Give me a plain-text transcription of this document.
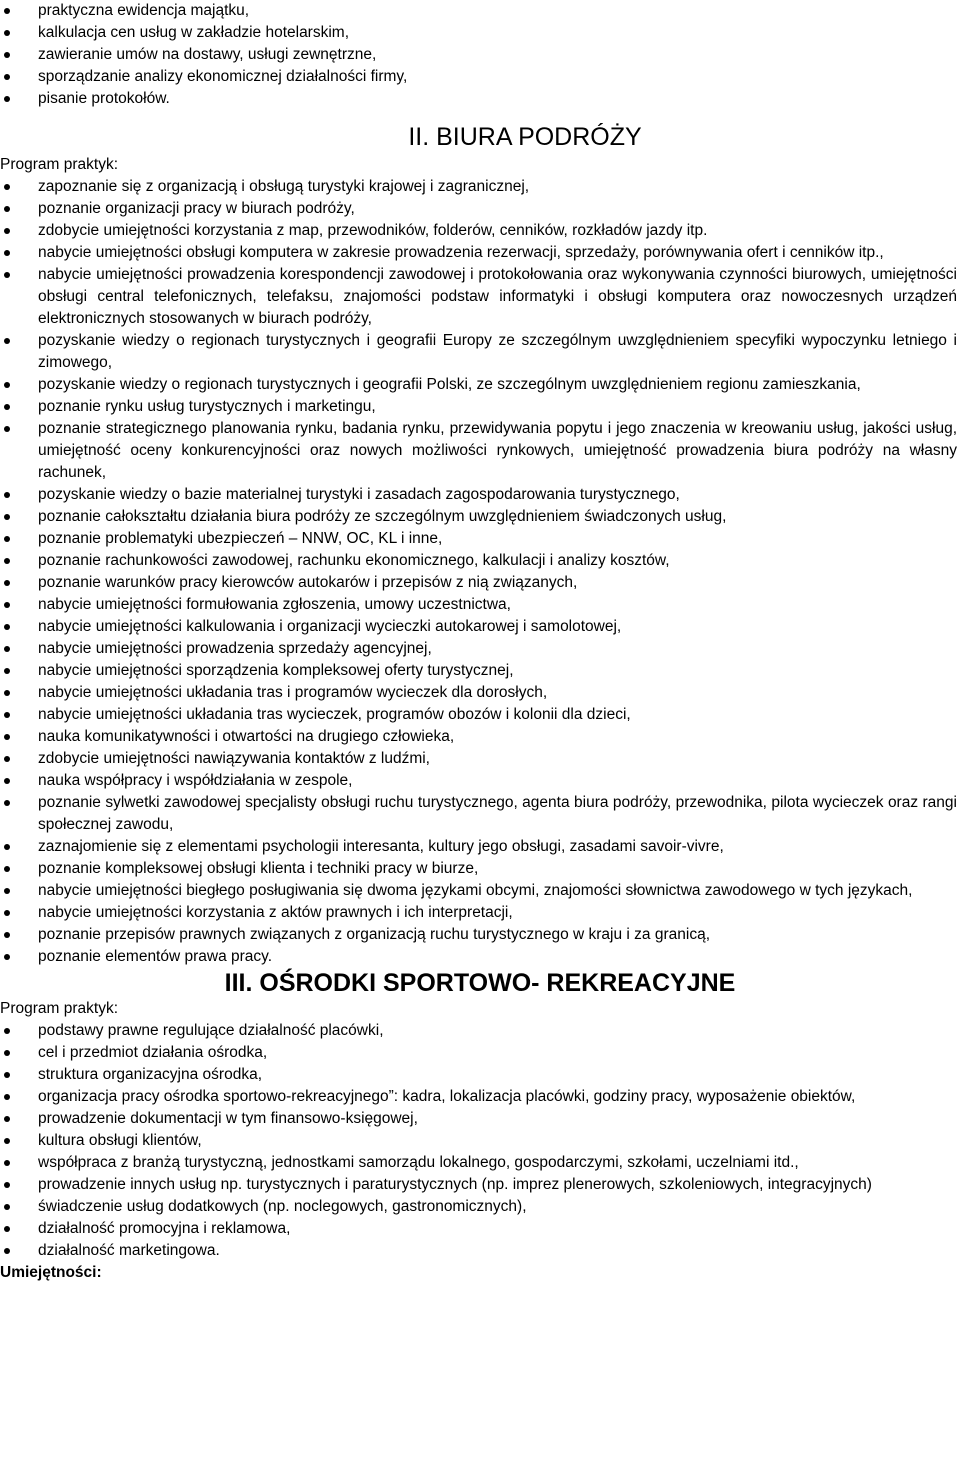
praktyczna ewidencja majątku,
kalkulacja cen usług w zakładzie hotelarskim,
zawieranie umów na dostawy, usługi zewnętrzne,
sporządzanie analizy ekonomicznej działalności firmy,
pisanie protokołów.
II. BIURA PODRÓŻY
Program praktyk:
zapoznanie się z organizacją i obsługą turystyki krajowej i zagranicznej,
poznanie organizacji pracy w biurach podróży,
zdobycie umiejętności korzystania z map, przewodników, folderów, cenników, rozkładów jazdy itp.
nabycie umiejętności obsługi komputera w zakresie prowadzenia rezerwacji, sprzedaży, porównywania ofert i cenników itp.,
nabycie umiejętności prowadzenia korespondencji zawodowej i protokołowania oraz wykonywania czynności biurowych, umiejętności obsługi central telefonicznych, telefaksu, znajomości podstaw informatyki i obsługi komputera oraz nowoczesnych urządzeń elektronicznych stosowanych w biurach podróży,
pozyskanie wiedzy o regionach turystycznych i geografii Europy ze szczególnym uwzględnieniem specyfiki wypoczynku letniego i zimowego,
pozyskanie wiedzy o regionach turystycznych i geografii Polski, ze szczególnym uwzględnieniem regionu zamieszkania,
poznanie rynku usług turystycznych i marketingu,
poznanie strategicznego planowania rynku, badania rynku, przewidywania popytu i jego znaczenia w kreowaniu usług, jakości usług, umiejętność oceny konkurencyjności oraz nowych możliwości rynkowych, umiejętność prowadzenia biura podróży na własny rachunek,
pozyskanie wiedzy o bazie materialnej turystyki i zasadach zagospodarowania turystycznego,
poznanie całokształtu działania biura podróży ze szczególnym uwzględnieniem świadczonych usług,
poznanie problematyki ubezpieczeń – NNW, OC, KL i inne,
poznanie rachunkowości zawodowej, rachunku ekonomicznego, kalkulacji i analizy kosztów,
poznanie warunków pracy kierowców autokarów i przepisów z nią związanych,
nabycie umiejętności formułowania zgłoszenia, umowy uczestnictwa,
nabycie umiejętności kalkulowania i organizacji wycieczki autokarowej i samolotowej,
nabycie umiejętności prowadzenia sprzedaży agencyjnej,
nabycie umiejętności sporządzenia kompleksowej oferty turystycznej,
nabycie umiejętności układania tras i programów wycieczek dla dorosłych,
nabycie umiejętności układania tras wycieczek, programów obozów i kolonii dla dzieci,
nauka komunikatywności i otwartości na drugiego człowieka,
zdobycie umiejętności nawiązywania kontaktów z ludźmi,
nauka współpracy i współdziałania w zespole,
poznanie sylwetki zawodowej specjalisty obsługi ruchu turystycznego, agenta biura podróży, przewodnika, pilota wycieczek oraz rangi społecznej zawodu,
zaznajomienie się z elementami psychologii interesanta, kultury jego obsługi, zasadami savoir-vivre,
poznanie kompleksowej obsługi klienta i techniki pracy w biurze,
nabycie umiejętności biegłego posługiwania się dwoma językami obcymi, znajomości słownictwa zawodowego w tych językach,
nabycie umiejętności korzystania z aktów prawnych i ich interpretacji,
poznanie przepisów prawnych związanych z organizacją ruchu turystycznego w kraju i za granicą,
poznanie elementów prawa pracy.
III. OŚRODKI SPORTOWO- REKREACYJNE
Program praktyk:
podstawy prawne regulujące działalność placówki,
cel i przedmiot działania ośrodka,
struktura organizacyjna ośrodka,
organizacja pracy ośrodka sportowo-rekreacyjnego”: kadra, lokalizacja placówki, godziny pracy, wyposażenie obiektów,
prowadzenie dokumentacji w tym finansowo-księgowej,
kultura obsługi klientów,
współpraca z branżą turystyczną, jednostkami samorządu lokalnego, gospodarczymi, szkołami, uczelniami itd.,
prowadzenie innych usług np. turystycznych i paraturystycznych (np. imprez plenerowych, szkoleniowych, integracyjnych)
świadczenie usług dodatkowych (np. noclegowych, gastronomicznych),
działalność promocyjna i reklamowa,
działalność marketingowa.
Umiejętności:
